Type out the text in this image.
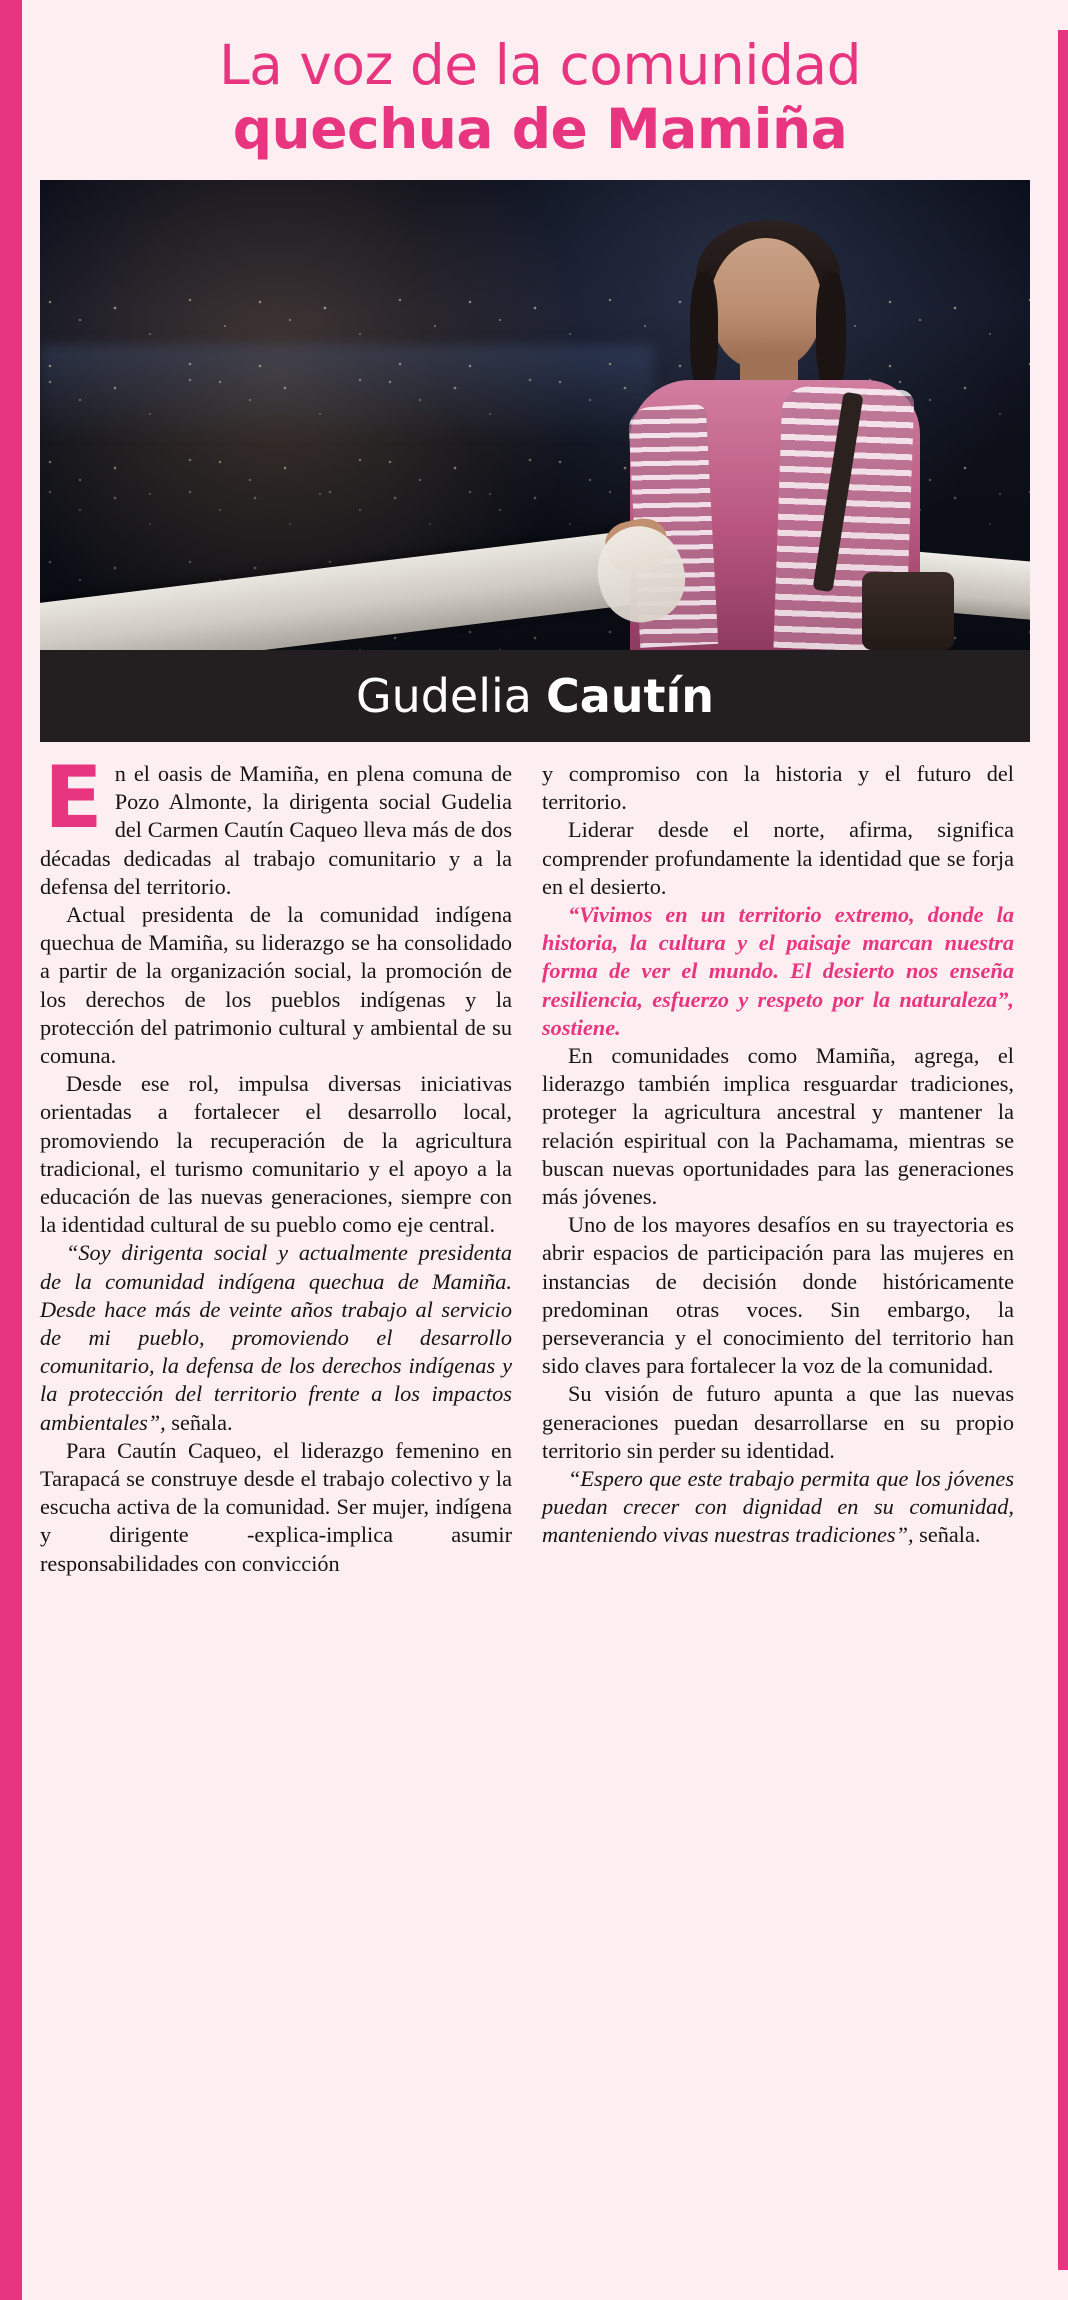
La voz de la comunidad
quechua de Mamiña
Gudelia Cautín

En el oasis de Mamiña, en plena comuna de Pozo Almonte, la dirigenta social Gudelia del Carmen Cautín Caqueo lleva más de dos décadas dedicadas al trabajo comunitario y a la defensa del territorio.

Actual presidenta de la comunidad indígena quechua de Mamiña, su liderazgo se ha consolidado a partir de la organización social, la promoción de los derechos de los pueblos indígenas y la protección del patrimonio cultural y ambiental de su comuna.

Desde ese rol, impulsa diversas iniciativas orientadas a fortalecer el desarrollo local, promoviendo la recuperación de la agricultura tradicional, el turismo comunitario y el apoyo a la educación de las nuevas generaciones, siempre con la identidad cultural de su pueblo como eje central.

“Soy dirigenta social y actualmente presidenta de la comunidad indígena quechua de Mamiña. Desde hace más de veinte años trabajo al servicio de mi pueblo, promoviendo el desarrollo comunitario, la defensa de los derechos indígenas y la protección del territorio frente a los impactos ambientales”, señala.

Para Cautín Caqueo, el liderazgo femenino en Tarapacá se construye desde el trabajo colectivo y la escucha activa de la comunidad. Ser mujer, indígena y dirigente -explica-implica asumir responsabilidades con convicción

y compromiso con la historia y el futuro del territorio.

Liderar desde el norte, afirma, significa comprender profundamente la identidad que se forja en el desierto.

“Vivimos en un territorio extremo, donde la historia, la cultura y el paisaje marcan nuestra forma de ver el mundo. El desierto nos enseña resiliencia, esfuerzo y respeto por la naturaleza”, sostiene.

En comunidades como Mamiña, agrega, el liderazgo también implica resguardar tradiciones, proteger la agricultura ancestral y mantener la relación espiritual con la Pachamama, mientras se buscan nuevas oportunidades para las generaciones más jóvenes.

Uno de los mayores desafíos en su trayectoria es abrir espacios de participación para las mujeres en instancias de decisión donde históricamente predominan otras voces. Sin embargo, la perseverancia y el conocimiento del territorio han sido claves para fortalecer la voz de la comunidad.

Su visión de futuro apunta a que las nuevas generaciones puedan desarrollarse en su propio territorio sin perder su identidad.

“Espero que este trabajo permita que los jóvenes puedan crecer con dignidad en su comunidad, manteniendo vivas nuestras tradiciones”, señala.
